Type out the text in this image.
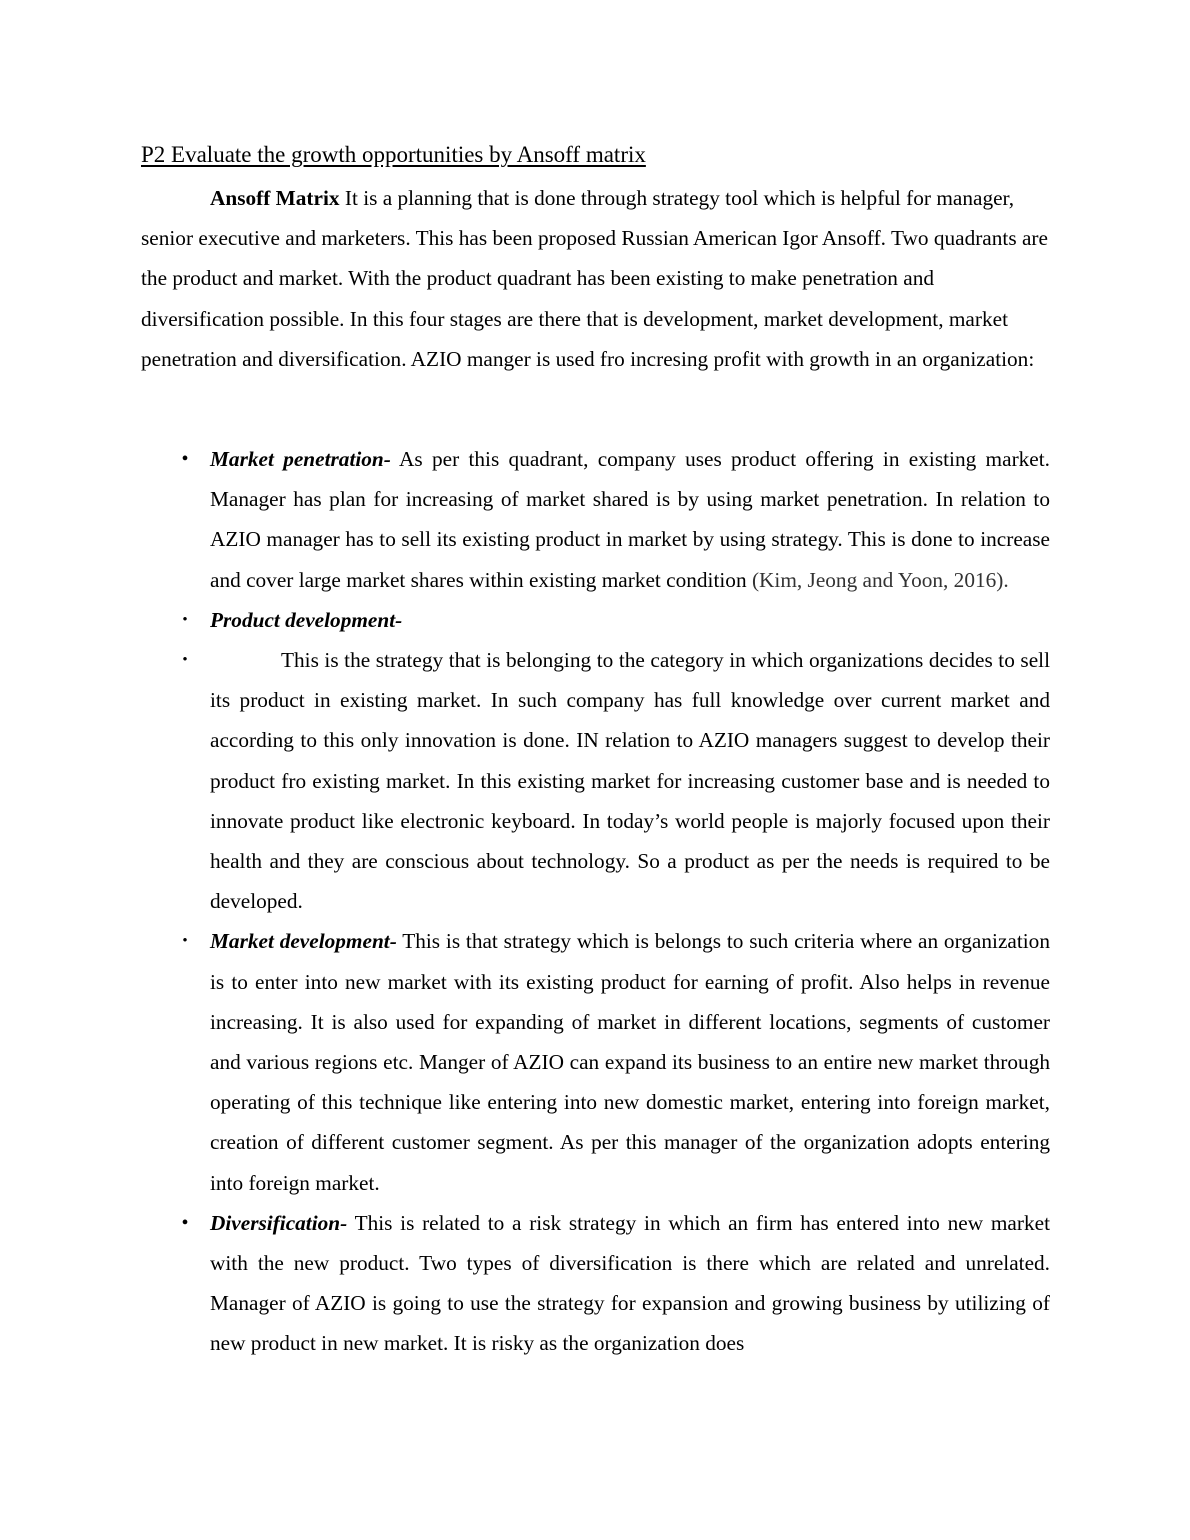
P2 Evaluate the growth opportunities by Ansoff matrix

Ansoff Matrix It is a planning that is done through strategy tool which is helpful for manager, senior executive and marketers. This has been proposed Russian American Igor Ansoff. Two quadrants are the product and market. With the product quadrant has been existing to make penetration and diversification possible. In this four stages are there that is development, market development, market penetration and diversification. AZIO manger is used fro incresing profit with growth in an organization:

•	Market penetration- As per this quadrant, company uses product offering in existing market. Manager has plan for increasing of market shared is by using market penetration. In relation to AZIO manager has to sell its existing product in market by using strategy. This is done to increase and cover large market shares within existing market condition (Kim, Jeong and Yoon, 2016).
•	Product development-
•	This is the strategy that is belonging to the category in which organizations decides to sell its product in existing market. In such company has full knowledge over current market and according to this only innovation is done. IN relation to AZIO managers suggest to develop their product fro existing market. In this existing market for increasing customer base and is needed to innovate product like electronic keyboard. In today’s world people is majorly focused upon their health and they are conscious about technology. So a product as per the needs is required to be developed.
•	Market development- This is that strategy which is belongs to such criteria where an organization is to enter into new market with its existing product for earning of profit. Also helps in revenue increasing. It is also used for expanding of market in different locations, segments of customer and various regions etc. Manger of AZIO can expand its business to an entire new market through operating of this technique like entering into new domestic market, entering into foreign market, creation of different customer segment. As per this manager of the organization adopts entering into foreign market.
•	Diversification- This is related to a risk strategy in which an firm has entered into new market with the new product. Two types of diversification is there which are related and unrelated. Manager of AZIO is going to use the strategy for expansion and growing business by utilizing of new product in new market. It is risky as the organization does
